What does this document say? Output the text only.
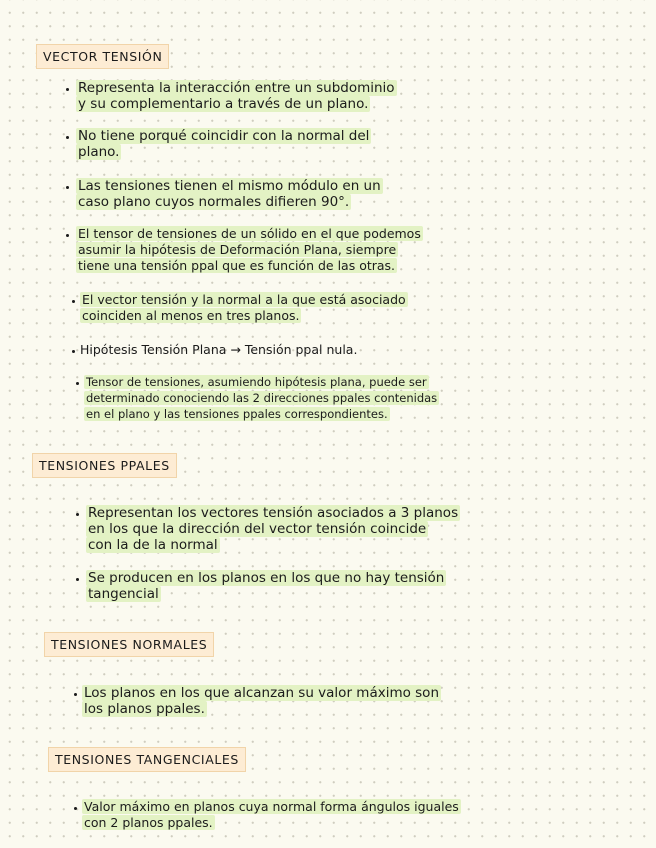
VECTOR TENSIÓN
Representa la interacción entre un subdominio
y su complementario a través de un plano.
No tiene porqué coincidir con la normal del
plano.
Las tensiones tienen el mismo módulo en un
caso plano cuyos normales difieren 90°.
El tensor de tensiones de un sólido en el que podemos
asumir la hipótesis de Deformación Plana, siempre
tiene una tensión ppal que es función de las otras.
El vector tensión y la normal a la que está asociado
coinciden al menos en tres planos.
Hipótesis Tensión Plana → Tensión ppal nula.
Tensor de tensiones, asumiendo hipótesis plana, puede ser
determinado conociendo las 2 direcciones ppales contenidas
en el plano y las tensiones ppales correspondientes.
TENSIONES PPALES
Representan los vectores tensión asociados a 3 planos
en los que la dirección del vector tensión coincide
con la de la normal
Se producen en los planos en los que no hay tensión
tangencial
TENSIONES NORMALES
Los planos en los que alcanzan su valor máximo son
los planos ppales.
TENSIONES TANGENCIALES
Valor máximo en planos cuya normal forma ángulos iguales
con 2 planos ppales.
